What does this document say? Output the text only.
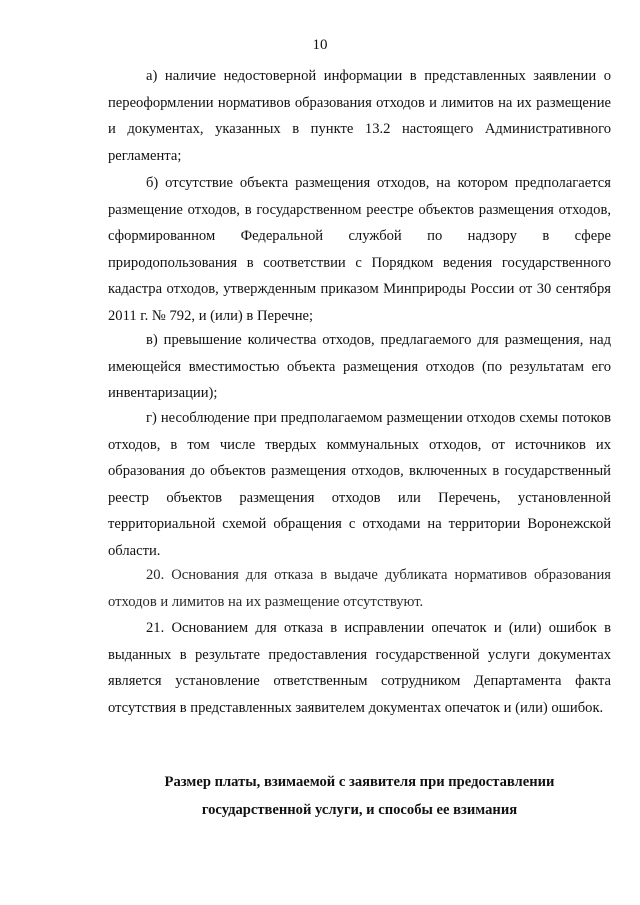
10

а) наличие недостоверной информации в представленных заявлении о переоформлении нормативов образования отходов и лимитов на их размещение и документах, указанных в пункте 13.2 настоящего Административного регламента;

б) отсутствие объекта размещения отходов, на котором предполагается размещение отходов, в государственном реестре объектов размещения отходов, сформированном Федеральной службой по надзору в сфере природопользования в соответствии с Порядком ведения государственного кадастра отходов, утвержденным приказом Минприроды России от 30 сентября 2011 г. № 792, и (или) в Перечне;

в) превышение количества отходов, предлагаемого для размещения, над имеющейся вместимостью объекта размещения отходов (по результатам его инвентаризации);

г) несоблюдение при предполагаемом размещении отходов схемы потоков отходов, в том числе твердых коммунальных отходов, от источников их образования до объектов размещения отходов, включенных в государственный реестр объектов размещения отходов или Перечень, установленной территориальной схемой обращения с отходами на территории Воронежской области.

20. Основания для отказа в выдаче дубликата нормативов образования отходов и лимитов на их размещение отсутствуют.

21. Основанием для отказа в исправлении опечаток и (или) ошибок в выданных в результате предоставления государственной услуги документах является установление ответственным сотрудником Департамента факта отсутствия в представленных заявителем документах опечаток и (или) ошибок.

Размер платы, взимаемой с заявителя при предоставлении
государственной услуги, и способы ее взимания
